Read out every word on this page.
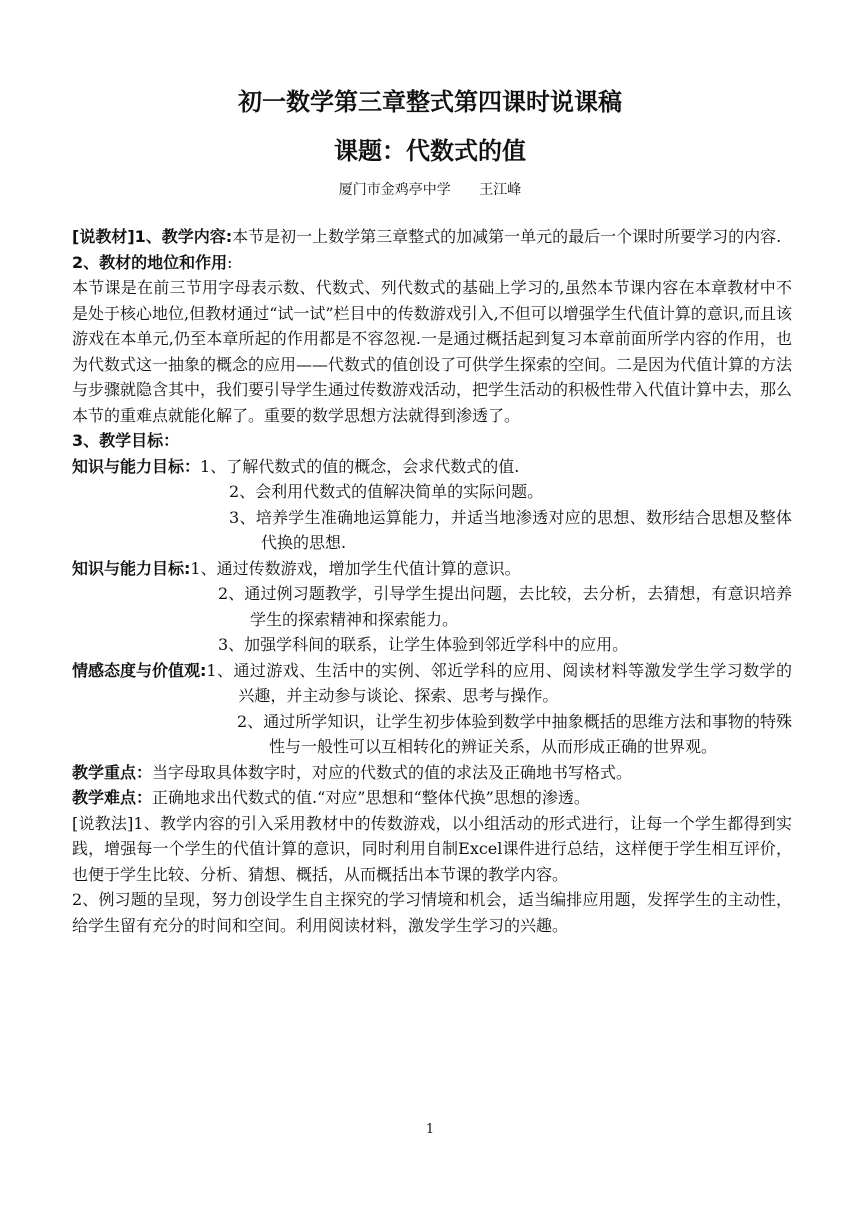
初一数学第三章整式第四课时说课稿
课题：代数式的值
厦门市金鸡亭中学 王江峰

[说教材]1、教学内容:本节是初一上数学第三章整式的加减第一单元的最后一个课时所要学习的内容.

2、教材的地位和作用:

本节课是在前三节用字母表示数、代数式、列代数式的基础上学习的,虽然本节课内容在本章教材中不是处于核心地位,但教材通过“试一试”栏目中的传数游戏引入,不但可以增强学生代值计算的意识,而且该游戏在本单元,仍至本章所起的作用都是不容忽视.一是通过概括起到复习本章前面所学内容的作用，也为代数式这一抽象的概念的应用——代数式的值创设了可供学生探索的空间。二是因为代值计算的方法与步骤就隐含其中，我们要引导学生通过传数游戏活动，把学生活动的积极性带入代值计算中去，那么本节的重难点就能化解了。重要的数学思想方法就得到渗透了。

3、教学目标：

知识与能力目标： 1、了解代数式的值的概念，会求代数式的值.

2、会利用代数式的值解决简单的实际问题。

3、培养学生准确地运算能力，并适当地渗透对应的思想、数形结合思想及整体代换的思想.

知识与能力目标: 1、通过传数游戏，增加学生代值计算的意识。

2、通过例习题教学，引导学生提出问题，去比较，去分析，去猜想，有意识培养学生的探索精神和探索能力。

3、加强学科间的联系，让学生体验到邻近学科中的应用。

情感态度与价值观: 1、通过游戏、生活中的实例、邻近学科的应用、阅读材料等激发学生学习数学的兴趣，并主动参与谈论、探索、思考与操作。

2、通过所学知识，让学生初步体验到数学中抽象概括的思维方法和事物的特殊性与一般性可以互相转化的辨证关系，从而形成正确的世界观。

教学重点：当字母取具体数字时，对应的代数式的值的求法及正确地书写格式。

教学难点：正确地求出代数式的值.“对应”思想和“整体代换”思想的渗透。

[说教法]1、教学内容的引入采用教材中的传数游戏，以小组活动的形式进行，让每一个学生都得到实践，增强每一个学生的代值计算的意识，同时利用自制Excel课件进行总结，这样便于学生相互评价，也便于学生比较、分析、猜想、概括，从而概括出本节课的教学内容。

2、例习题的呈现，努力创设学生自主探究的学习情境和机会，适当编排应用题，发挥学生的主动性，给学生留有充分的时间和空间。利用阅读材料，激发学生学习的兴趣。

1
